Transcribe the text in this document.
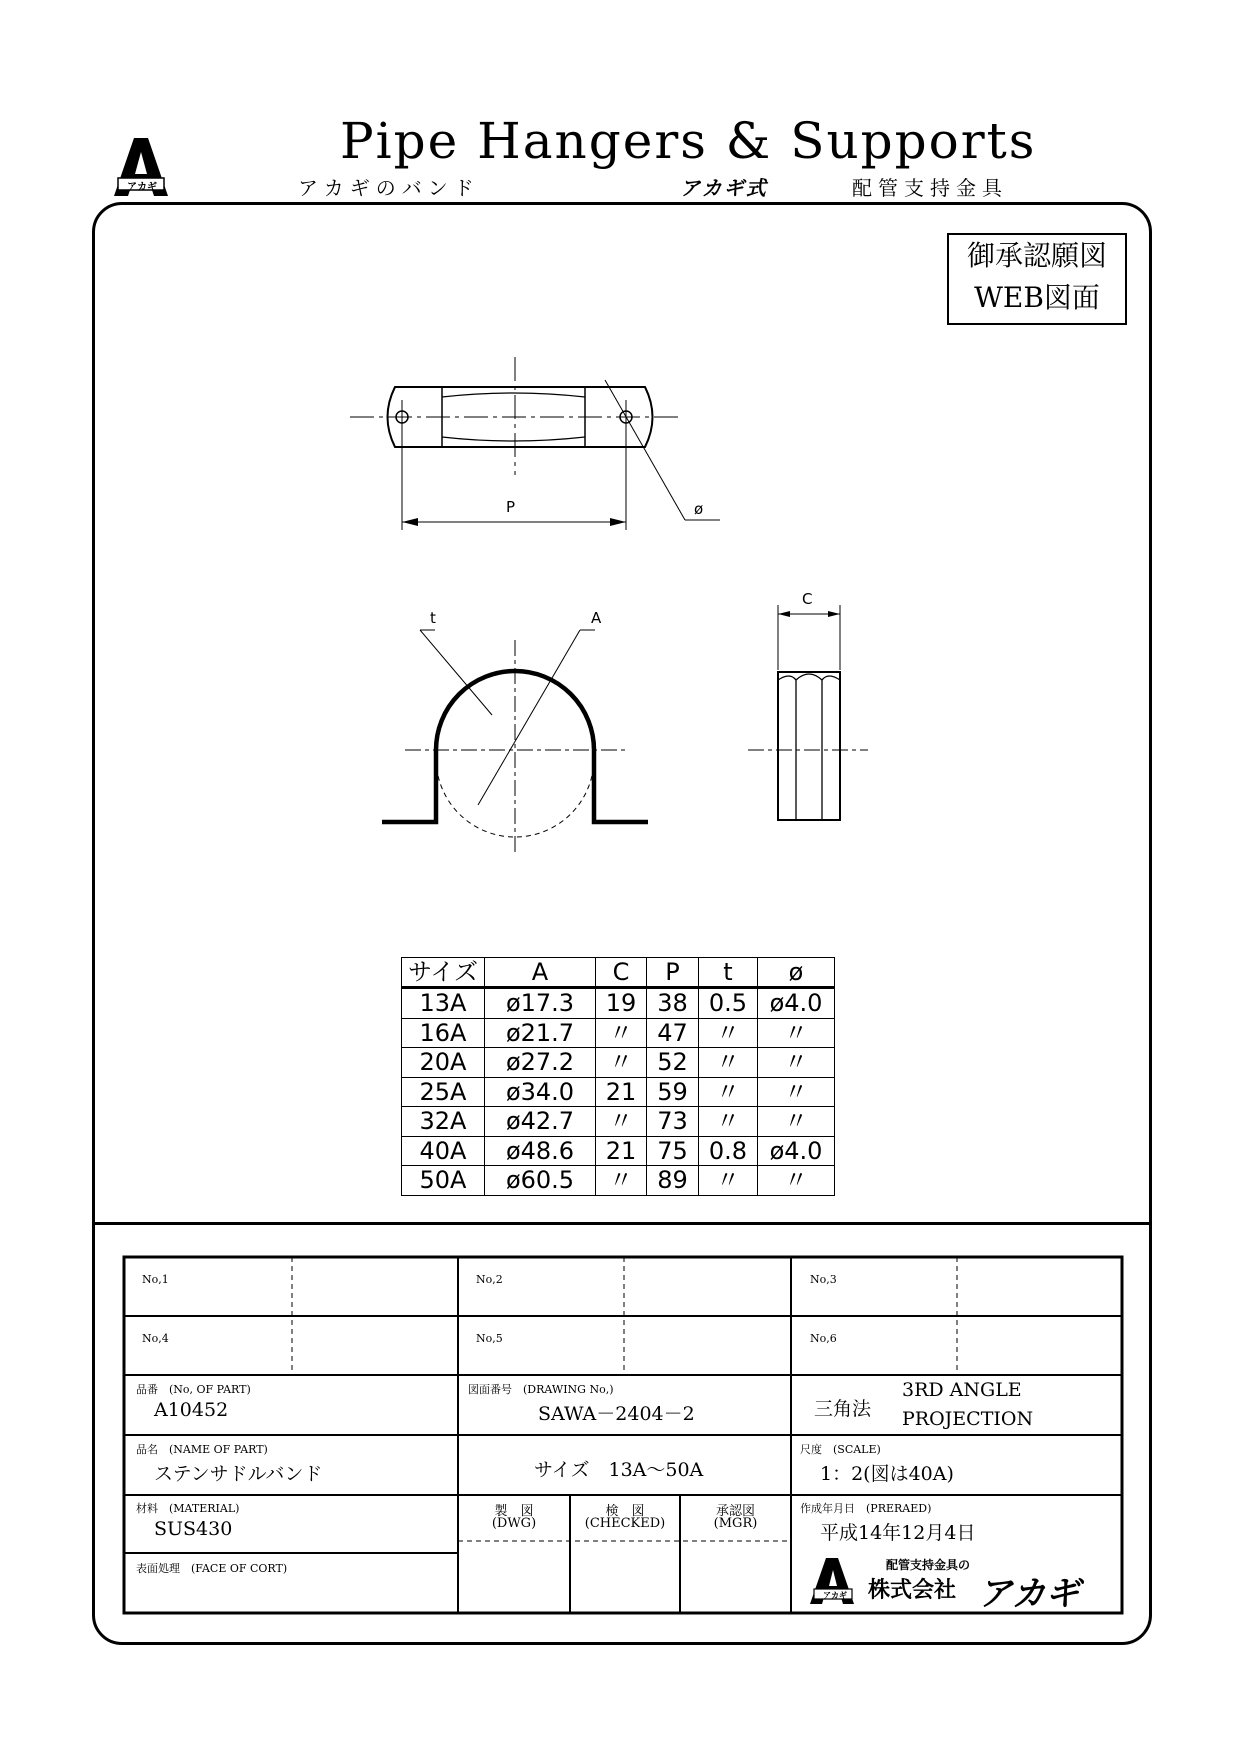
Pipe Hangers & Supports
アカギのバンド	アカギ式	配管支持金具
アカギ
御承認願図
WEB図面
P	ø
t	A
C
サイズ	A	C	P	t	ø
13A	ø17.3	19	38	0.5	ø4.0
16A	ø21.7	〃	47	〃	〃
20A	ø27.2	〃	52	〃	〃
25A	ø34.0	21	59	〃	〃
32A	ø42.7	〃	73	〃	〃
40A	ø48.6	21	75	0.8	ø4.0
50A	ø60.5	〃	89	〃	〃
No,1	No,2	No,3
No,4	No,5	No,6
品番　(No, OF PART)
A10452
図面番号　(DRAWING No,)
SAWA－2404－2	三角法
3RD ANGLE
PROJECTION
品名　(NAME OF PART)
ステンサドルバンド	サイズ　13A～50A
尺度　(SCALE)
1：2(図は40A)
材料　(MATERIAL)
SUS430
製　図
(DWG)
検　図
(CHECKED)
承認図
(MGR)
作成年月日　(PRERAED)
平成14年12月4日
表面処理　(FACE OF CORT)
アカギ
配管支持金具の
株式会社 アカギ
